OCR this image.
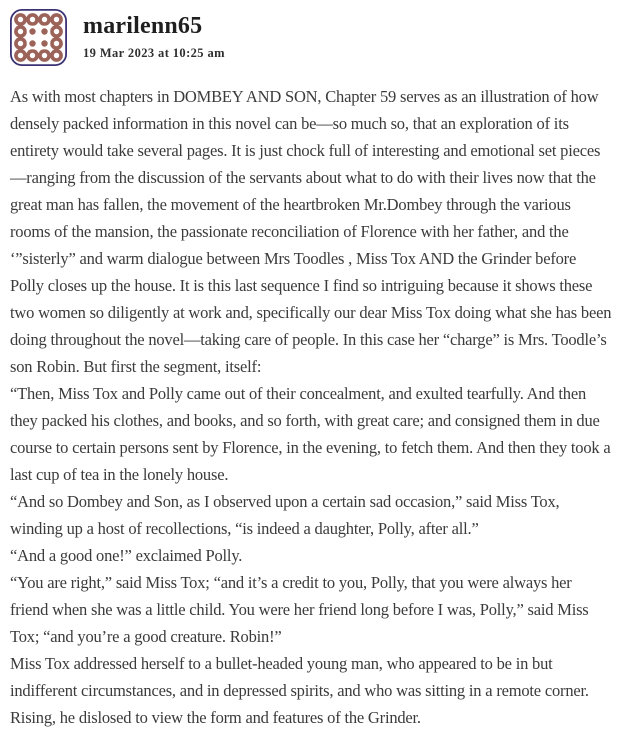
marilenn65
19 Mar 2023 at 10:25 am

As with most chapters in DOMBEY AND SON, Chapter 59 serves as an illustration of how densely packed information in this novel can be—so much so, that an exploration of its entirety would take several pages. It is just chock full of interesting and emotional set pieces—ranging from the discussion of the servants about what to do with their lives now that the great man has fallen, the movement of the heartbroken Mr.Dombey through the various rooms of the mansion, the passionate reconciliation of Florence with her father, and the ‘”sisterly” and warm dialogue between Mrs Toodles , Miss Tox AND the Grinder before Polly closes up the house. It is this last sequence I find so intriguing because it shows these two women so diligently at work and, specifically our dear Miss Tox doing what she has been doing throughout the novel—taking care of people. In this case her “charge” is Mrs. Toodle’s son Robin. But first the segment, itself:

“Then, Miss Tox and Polly came out of their concealment, and exulted tearfully. And then they packed his clothes, and books, and so forth, with great care; and consigned them in due course to certain persons sent by Florence, in the evening, to fetch them. And then they took a last cup of tea in the lonely house.

“And so Dombey and Son, as I observed upon a certain sad occasion,” said Miss Tox, winding up a host of recollections, “is indeed a daughter, Polly, after all.”

“And a good one!” exclaimed Polly.

“You are right,” said Miss Tox; “and it’s a credit to you, Polly, that you were always her friend when she was a little child. You were her friend long before I was, Polly,” said Miss Tox; “and you’re a good creature. Robin!”

Miss Tox addressed herself to a bullet-headed young man, who appeared to be in but indifferent circumstances, and in depressed spirits, and who was sitting in a remote corner. Rising, he dislosed to view the form and features of the Grinder.
